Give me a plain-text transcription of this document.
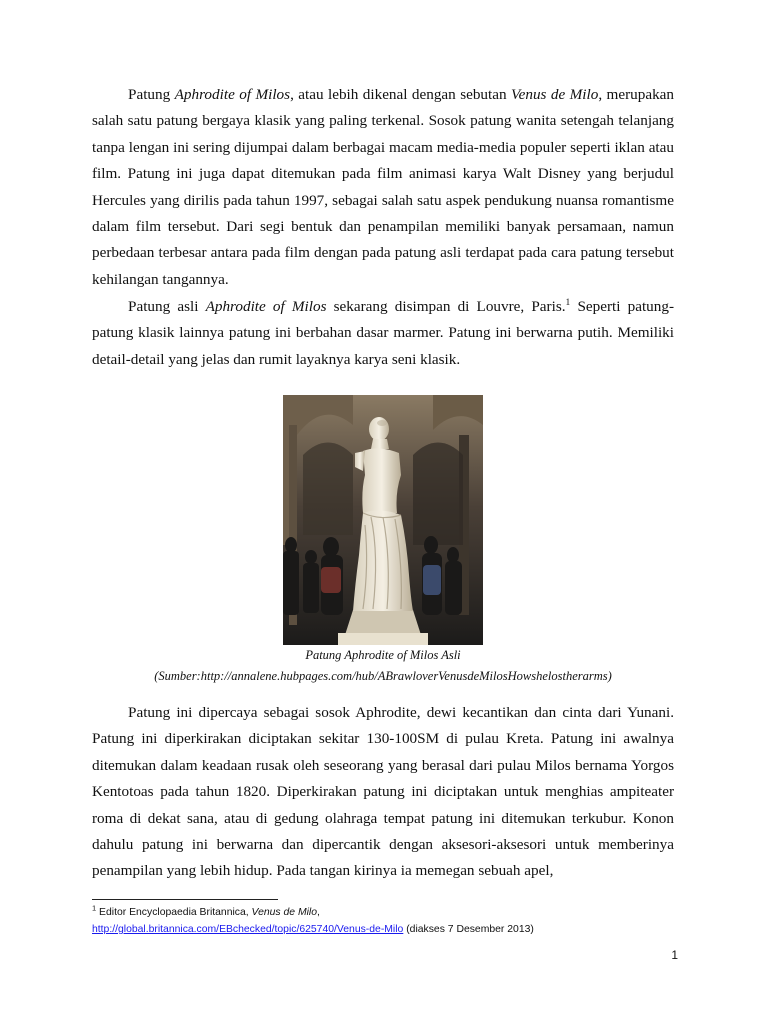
Patung Aphrodite of Milos, atau lebih dikenal dengan sebutan Venus de Milo, merupakan salah satu patung bergaya klasik yang paling terkenal. Sosok patung wanita setengah telanjang tanpa lengan ini sering dijumpai dalam berbagai macam media-media populer seperti iklan atau film. Patung ini juga dapat ditemukan pada film animasi karya Walt Disney yang berjudul Hercules yang dirilis pada tahun 1997, sebagai salah satu aspek pendukung nuansa romantisme dalam film tersebut. Dari segi bentuk dan penampilan memiliki banyak persamaan, namun perbedaan terbesar antara pada film dengan pada patung asli terdapat pada cara patung tersebut kehilangan tangannya.

Patung asli Aphrodite of Milos sekarang disimpan di Louvre, Paris.$^1$ Seperti patung-patung klasik lainnya patung ini berbahan dasar marmer. Patung ini berwarna putih. Memiliki detail-detail yang jelas dan rumit layaknya karya seni klasik.

Patung Aphrodite of Milos Asli

(Sumber:http://annalene.hubpages.com/hub/ABrawloverVenusdeMilosHowshelostherarms)

Patung ini dipercaya sebagai sosok Aphrodite, dewi kecantikan dan cinta dari Yunani. Patung ini diperkirakan diciptakan sekitar 130-100SM di pulau Kreta. Patung ini awalnya ditemukan dalam keadaan rusak oleh seseorang yang berasal dari pulau Milos bernama Yorgos Kentotoas pada tahun 1820. Diperkirakan patung ini diciptakan untuk menghias ampiteater roma di dekat sana, atau di gedung olahraga tempat patung ini ditemukan terkubur. Konon dahulu patung ini berwarna dan dipercantik dengan aksesori-aksesori untuk memberinya penampilan yang lebih hidup. Pada tangan kirinya ia memegan sebuah apel,

$^1$ Editor Encyclopaedia Britannica, Venus de Milo,
http://global.britannica.com/EBchecked/topic/625740/Venus-de-Milo (diakses 7 Desember 2013)

1
